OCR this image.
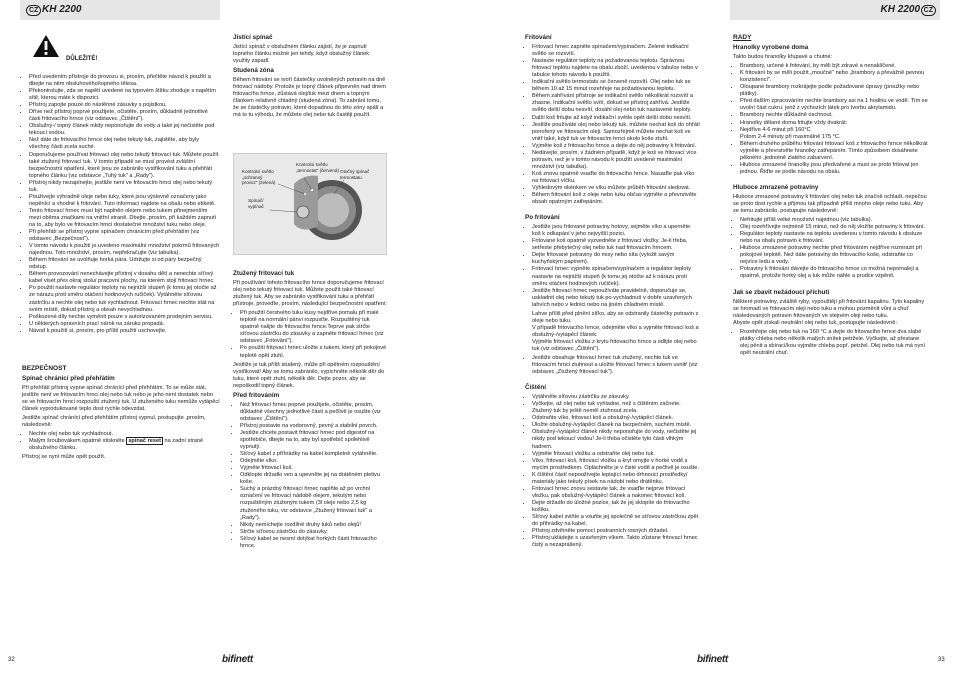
CZ KH 2200	KH 2200 CZ
DŮLEŽITÉ!
• Před uvedením přístroje do provozu si, prosím, přečtěte návod k použití a dbejte na něm obsluhového/topného tělesa.
• Překontrolujte, zda se napětí uvedené na typovém štítku shoduje s napětím sítě, kterou máte k dispozici.
• Přístroj zapojte pouze do nástěnné zásuvky s pojistkou.
• Dříve než přístroj poprvé použijete, očistěte, prosím, důkladně jednotlivé části fritovacího hrnce (viz odstavec „Čištění").
• Obslužný-/ topný článek nikdy neponořujte do vody a také jej nečistěte pod tekoucí vodou.
• Než dáte do fritovacího hrnce olej nebo tekutý tuk, zajistěte, aby byly všechny části zcela suché.
• Doporučujeme používat fritovací olej nebo tekutý fritovací tuk. Můžete použít také ztužený fritovací tuk. V tomto případě se musí provést zvláštní bezpečnostní opatření, které jsou ze zabránilo vystřikování tuku a přehřátí topného článku (viz odstavce „Tuhý tuk" a „Rady").
• Přístroj nikdy nezapínejte, jestliže není ve fritovacím hrnci olej nebo tekutý tuk.
• Používejte výhradně oleje nebo tuky, které jsou výslovně označeny jako nepěnící a vhodné k fritování. Tuto informaci najdete na obalu nebo etiketě.
• Tento fritovací hrnec musí být naplněn olejem nebo tukem přinejmenším mezi oběma značkami na vnitřní straně. Dbejte ,prosím, při každém zapnutí na to, aby bylo ve fritovacím hrnci dostatečné množství tuku nebo oleje.
• Při přehřátí se přístroj vypne spínačem chránicím před přehřátím (viz odstavec „Bezpečnost").
• V tomto návodu k použití je uvedeno maximální množství pokrmů fritovaných najednou. Toto množství, prosím, nepřekračujte (viz tabulka).
• Během fritování se uvolňuje horká pára. Udržujte si od páry bezpečný odstup.
• Během provozování nenechávejte přístroj v dosahu dětí a nenechte síťový kabel visét přes okraj stolu/ pracovní plochy, na kterém stojí fritovací hrnec.
• Po použití nastavte regulátor teploty na nejnižší stupeň (k tomu jej otočte až ze nárazu proti směru otáčení hodinových ručiček). Vytáhněte síťovou zástrčku a nechte olej nebo tuk vychladnout. Fritovací hrnec nechte stát na svém místě, dokud přístroj a obsah nevychladnou.
• Poškozené díly nechte vyměnit pouze v autorizovaném prodejním servisu.
• U některých opravních prací nárok na záruku propadá.
• Návod k použití si, prosím, pro příští použití uschovejte.
BEZPEČNOST
Spínač chránící před přehřátím

Při přehřátí přístroj vypne spínač chránící před přehřátím. To se může stát, jestliže není ve fritovacím hrnci olej nebo tuk nebo je jeho není dostatek nebo se ve fritovacím hrnci rozpouští ztužený tuk. U ztuženého tuku nemůže vytápěcí článek vyprodukované teplo dost rychle odevzdat.

Jestliže spínač chránící před přehřátím přístroj vypnul, postupujte ,prosím, následovně:

• Nechte olej nebo tuk vychladnout.
• Malým šroubovákem opatrně stiskněte spínač reset na zadní straně obslužného článku.

Přístroj se nyní může opět použít.

Jistící spínač

Jistící spínač v obslužném článku zajistí, že je zapnutí topného článku možné jen tehdy, když obslužný článek využity zapadl.

Studená zóna

Během fritování se tvoří částečky uvolněných potravin na dně fritovací nádoby. Protože je topný článek připevněn nad dnem fritovacího hrnce, zůstává olej/tuk mezi dnem a topným článkem relativně chladný (studená zóna). To zabrání tomu, že se částečky potravin, které dopadnou do této zóny spálí a má to tu výhodu, že můžete olej nebo tuk častěji použít.

Kontrolní světlo
„ochranný
provoz" (zelená)
Kontrolní světlo
„termostat" (červená) Otočný spínač
termostatu
Spínač/
vypínač
Ztužený fritovací tuk

Při používání tohoto fritovacího hrnce doporučujeme fritovací olej nebo tekutý fritovací tuk. Můžete použít také fritovací ztužený tuk. Aby se zabránilo vystřikování tuku a přehřátí přístroje, proveďte, prosím, následující bezpečnostní opatření:

• Při použití čerstvého tuku kusy nejdříve pomalu při malé teplotě na normální pánvi rozpusťte. Rozpuštěný tuk opatrně nalijte do fritovacího hrnce.Teprve pak strčte síťovou zástrčku do zásuvky a zapněte fritovací hrnec (viz odstavec „Fritování").
• Po použití fritovací hrnec uložte s tukem, který při pokojové teplotě opět ztuhl.

Jestliže je tuk příliš studený, může při opětném rozpouštění vystřikovat! Aby se tomu zabránilo, vypíchněte několik děr do tuku, které opět ztuhl, několik děr. Dejte pozor, aby se nepoškodil topný článek.

Před fritováním
• Než fritovací hrnec poprvé použijete, očistěte, prosím, důkladně všechny jednotlivé části a pečlivě je osušte (viz odstavec „Čištění").
• Přístroj postavte na vodorovný, pevný a stabilní povrch.
• Jestliže chcete postavit fritovací hrnec pod digestoř na spotřebiče, dbejte na to, aby byl spotřebič spolehlivě vypnutý.
• Síťový kabel z příhrádky na kabel kompletně vytáhněte.
• Odejměte víko.
• Vyjměte fritovací koš.
• Odklopte držadlo ven a upevněte jej na drátěném pletivu koše.
• Suchý a prázdný fritovací hrnec naplňte až po vrchní označení ve fritovací nádobě olejem, tekutým nebo rozpuštěným ztuženým tukem (3l oleje nebo 2,5 kg ztuženého tuku, viz odstavce „Ztužený fritovací tuk" a „Rady").
• Nikdy nemíchejte rozdílné druhy tuků nebo olejů!
• Strčte síťovou zástrčku do zásuvky.
• Síťový kabel se nesmí dotýkat horkých částí fritovacího hrnce.
Fritování
• Fritovací hrnec zapněte spínačem/vypínačem. Zelené indikační světlo se rozsvítí.
• Nastavte regulátor teploty na požadovanou teplotu. Správnou fritovací teplotu najdete na obalu zboží, uvedenou v tabulce nebo v tabulce tohoto návodu k použití.
• Indikační světlo termostatu se červeně rozsvítí. Olej nebo tuk se během 10 až 15 minut rozehřeje na požadovanou teplotu.
• Během zahřívání přístroje se indikační světlo několikrát rozsvítí a zhasne. Indikační světlo svítí, dokud se přístroj zahřívá. Jestliže světlo delší dobu nesvítí, dosáhl olej nebo tuk nastavené teploty.
• Další koš fritujte až když indikační světlo opět delší dobu nesvítí.
• Jestliže používáte olej nebo tekutý tuk, můžete nechat koš do ohřátí ponořený ve fritovacím oleji. Samozřejmě můžete nechat koš ve vnitř také, když tuk ve fritovacím hrnci okolo koše ztuhl.
• Vyjměte koš z fritovacího hrnce a dejte do něj potraviny k fritování.
• Nedávejte, prosím, v žádném případě, když je koš ve fritovací více potravin, než je v tomto návodu k použití uvedené maximální množství (viz tabulka).
• Koš znovu opatrně vsaďte do fritovacího hrnce. Nasaďte pak víko na fritovací víčku.
• Výhledovým okénkem ve víku můžete průběh fritování sledovat.
• Během fritování koš z oleje nebo tuku občas vyjměte a převrstvěte obsah opatrným zatřepáním.
Po fritování
• Jestliže jsou fritované potraviny hotovy, sejměte víko a uperněte koš k odkapání v jeho nejvyšší pozici.
• Fritované koš opatrně vyzvedněte z fritovací vložky. Je-li třeba, setřeste přebytečný olej nebo tuk nad fritovacím hrncem.
• Dejte fritované potraviny do misy nebo síta (vyložit savým kuchyňským papírem).
• Fritovací hrnec vypněte spínačem/vypínačem a regulátor teploty nastavte na nejnižší stupeň (k tomu jej otočte až k nárazu proti směru otáčení hodinových ručiček).
• Jestliže fritovací hrnec nepoužíváte pravidelně, doporučuje se, uskladnit olej nebo tekutý tuk po vychladnutí v dobře uzavřených lahvích nebo v lednici nebo na jiném chladném místě.

Lahve příliš před plnění síťko, aby se odstranily částečky potravin z oleje nebo tuku.
V případě fritovacího hrnce, odejměte víko a vyjměte fritovací koš a obslužný-/vytápěcí článek.
Vyjměte fritovací vložku z krytu fritovacího hrnce a odlijte olej nebo tuk (viz odstavec „Čištění").

• Jestliže obsahuje fritovací hrnec tuk ztužený, nechte tuk ve fritovacím hrnci ztuhnout a uložte fritovací hrnec s tukem uvnitř (viz odstavec „Ztužený fritovací tuk").
Čištění
• Vytáhněte síťovou zástrčku ze zásuvky.
• Vyčkejte, až olej nebo tuk vyhladne, než s čištěním začnete. Ztužený tuk by ještě neměl ztuhnout zcela.
• Odstraňte víko, fritovací koš a obslužný-/vytápěcí článek.
• Úložte obslužný-/vytápěcí článek na bezpečném, suchém místě.
• Obslužný-/vytápěcí článek nikdy neponořujte do vody, nečistěte jej nikdy pod tekoucí vodou! Je-li třeba očistěte tyto části vlhkým hadrem.
• Vyjměte fritovací vložku a odstraňte olej nebo tuk.
• Víko, fritovací koš, fritovací vložku a kryt omyjte v horké vodě s mycím prostředkem. Opláchněte je v čisté vodě a pečlivě je osušte.
• K čištění částí nepoužívejte leptající nebo drhnoucí prostředky/ materiály jako tekutý písek na nádobí nebo drátěnku.
• Fritovací hrnec znovu sestavte tak, že vsaďte nejprve fritovací vložku, pak obslužný-/vytápěcí článek a nakonec fritovací koš.
• Dejte držadlo do úložné pozice, tak že jej sklopíte do fritovacího košíku.
• Síťový kabel sviňte a vsuňte jej společně se síťovou zástrčkou zpět do přihrádky na kabel.
• Přístroj zdvihněte pomocí postranních rosných držadel.
• Přístroj ukládejte s uzavřeným víkem. Takto zůstane fritovací hrnec čistý a nezaprášený.
RADY
Hranolky vyrobené doma

Takto budou hranolky křupavé a chutné:

• Brambory, určené k fritování, by měli být zdravé a nenaklíčené.
• K fritování by se měli použít „moučné" nebo „brambory a převážně pevnou konzistencí".
• Oloupané brambory rozkrájejte podle požadované úpravy (proužky nebo plátky).
• Před dalším zpracováním nechte brambory asi na 1 hodinu ve vodě. Tím se uvolní část cukru, jenž z výchozích látek pro tvorbu akrylamidu.
• Brambory nechte důkladně oschnout.
• Hranolky dělané doma fritujte vždy dvakrát:
• Nejdříve 4-6 minut při 160°C
Potom 2-4 minuty při maximálně 175 °C.
• Během druhého průběhu fritování fritovací koš z fritovacího hrnce několikrát vyjměte a převrstvěte hranolky zatřepáním. Tímto způsobem dosáhnete pěkného ,jednotně zlatého zabarvení.
• Hluboce zmrazené hranolky jsou předvařené a musí se proto fritovat jen jednou. Řiďte se podle návodu na obalu.
Hluboce zmrazené potraviny

Hluboce zmrazené potraviny k fritování olej nebo tuk značně ochladí, nepečou se proto dost rychle a přijmou tak případně příliš mnoho oleje nebo tuku. Aby se tomu zabránilo, postupujte následovně:

• Nefritujte příliš velké množství najednou (viz tabulka).
• Olej rozehřívejte nejméně 15 minut, než do něj vložíte potraviny k fritování.
• Regulátor teploty nastavte na teplotu uvedenou v tomto návodu k obsluze nebo na obalu potravin k fritování.
• Hluboce zmrazené potraviny nechte před fritováním nejdříve rozmrazit při pokojové teplotě. Než dáte potraviny do fritovacího koše, odstraňte co nejvíce ledu a vody.
• Potraviny k fritování dávejte do fritovacího hrnce co možná nepomaleji a opatrně, protože horký olej a tuk může náhle a prudce vzpěnit.
Jak se zbavit nežádoucí příchuti

Některé potraviny, zvláště ryby, vypouštějí při fritování kapalinu. Tyto kapaliny se hromadí ve fritovacím oleji nebo tuku a mohou pozměnit vůni a chuť následovaných potravin fritovaných ve stejném oleji nebo tuku.
Abyste opět získali neutrální olej nebo tuk, postupujte následovně:

• Rozehřejte olej nebo tuk na 160 °C a dejte do fritovacího hrnce dva slabé plátky chleba nebo několik malých snítek petržele. Vyčkejte, až přestane olej pěnit a sbírací/kou vyjměte chleba popř. petržel. Olej nebo tuk má nyní opět neutrální chuť.
32	bifinett	bifinett	33
